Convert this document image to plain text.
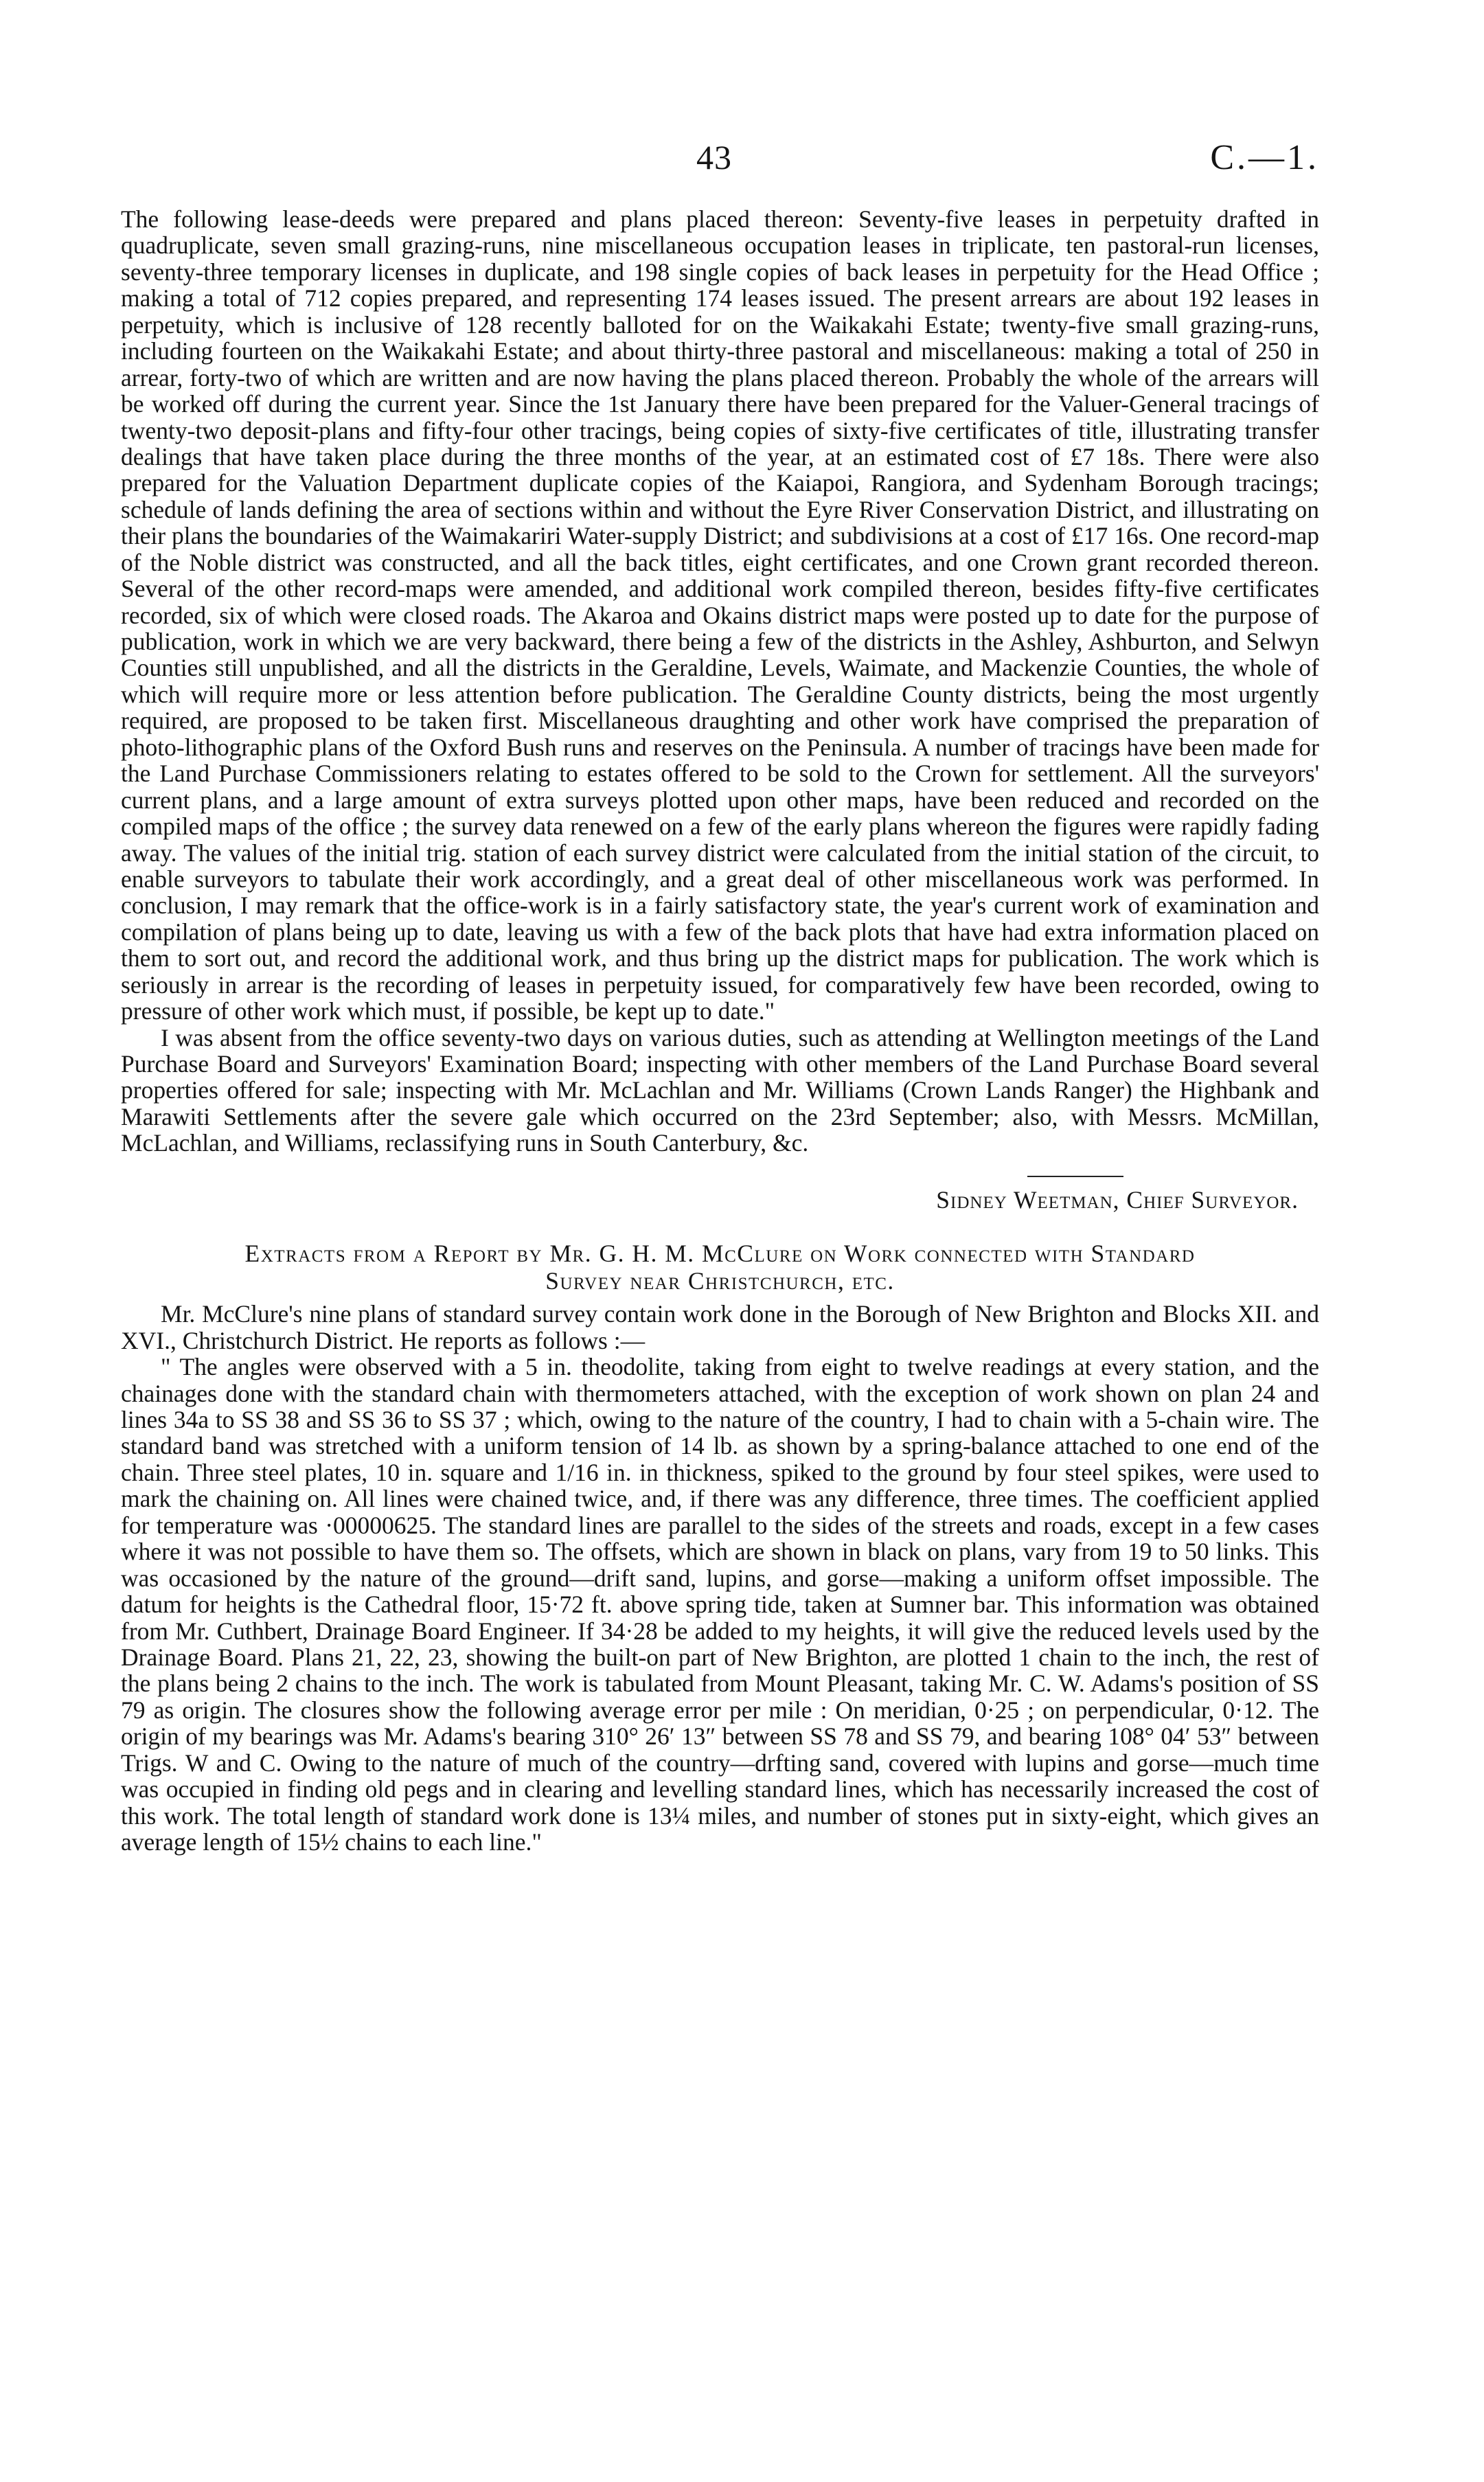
43	C.—1.

The following lease-deeds were prepared and plans placed thereon: Seventy-five leases in perpetuity drafted in quadruplicate, seven small grazing-runs, nine miscellaneous occupation leases in triplicate, ten pastoral-run licenses, seventy-three temporary licenses in duplicate, and 198 single copies of back leases in perpetuity for the Head Office ; making a total of 712 copies prepared, and representing 174 leases issued. The present arrears are about 192 leases in perpetuity, which is inclusive of 128 recently balloted for on the Waikakahi Estate; twenty-five small grazing-runs, including fourteen on the Waikakahi Estate; and about thirty-three pastoral and miscellaneous: making a total of 250 in arrear, forty-two of which are written and are now having the plans placed thereon. Probably the whole of the arrears will be worked off during the current year. Since the 1st January there have been prepared for the Valuer-General tracings of twenty-two deposit-plans and fifty-four other tracings, being copies of sixty-five certificates of title, illustrating transfer dealings that have taken place during the three months of the year, at an estimated cost of £7 18s. There were also prepared for the Valuation Department duplicate copies of the Kaiapoi, Rangiora, and Sydenham Borough tracings; schedule of lands defining the area of sections within and without the Eyre River Conservation District, and illustrating on their plans the boundaries of the Waimakariri Water-supply District; and subdivisions at a cost of £17 16s. One record-map of the Noble district was constructed, and all the back titles, eight certificates, and one Crown grant recorded thereon. Several of the other record-maps were amended, and additional work compiled thereon, besides fifty-five certificates recorded, six of which were closed roads. The Akaroa and Okains district maps were posted up to date for the purpose of publication, work in which we are very backward, there being a few of the districts in the Ashley, Ashburton, and Selwyn Counties still unpublished, and all the districts in the Geraldine, Levels, Waimate, and Mackenzie Counties, the whole of which will require more or less attention before publication. The Geraldine County districts, being the most urgently required, are proposed to be taken first. Miscellaneous draughting and other work have comprised the preparation of photo-lithographic plans of the Oxford Bush runs and reserves on the Peninsula. A number of tracings have been made for the Land Purchase Commissioners relating to estates offered to be sold to the Crown for settlement. All the surveyors' current plans, and a large amount of extra surveys plotted upon other maps, have been reduced and recorded on the compiled maps of the office ; the survey data renewed on a few of the early plans whereon the figures were rapidly fading away. The values of the initial trig. station of each survey district were calculated from the initial station of the circuit, to enable surveyors to tabulate their work accordingly, and a great deal of other miscellaneous work was performed. In conclusion, I may remark that the office-work is in a fairly satisfactory state, the year's current work of examination and compilation of plans being up to date, leaving us with a few of the back plots that have had extra information placed on them to sort out, and record the additional work, and thus bring up the district maps for publication. The work which is seriously in arrear is the recording of leases in perpetuity issued, for comparatively few have been recorded, owing to pressure of other work which must, if possible, be kept up to date."

I was absent from the office seventy-two days on various duties, such as attending at Wellington meetings of the Land Purchase Board and Surveyors' Examination Board; inspecting with other members of the Land Purchase Board several properties offered for sale; inspecting with Mr. McLachlan and Mr. Williams (Crown Lands Ranger) the Highbank and Marawiti Settlements after the severe gale which occurred on the 23rd September; also, with Messrs. McMillan, McLachlan, and Williams, reclassifying runs in South Canterbury, &c.

Sidney Weetman, Chief Surveyor.

Extracts from a Report by Mr. G. H. M. McClure on Work connected with Standard
Survey near Christchurch, etc.

Mr. McClure's nine plans of standard survey contain work done in the Borough of New Brighton and Blocks XII. and XVI., Christchurch District. He reports as follows :—

" The angles were observed with a 5 in. theodolite, taking from eight to twelve readings at every station, and the chainages done with the standard chain with thermometers attached, with the exception of work shown on plan 24 and lines 34a to SS 38 and SS 36 to SS 37 ; which, owing to the nature of the country, I had to chain with a 5-chain wire. The standard band was stretched with a uniform tension of 14 lb. as shown by a spring-balance attached to one end of the chain. Three steel plates, 10 in. square and 1/16 in. in thickness, spiked to the ground by four steel spikes, were used to mark the chaining on. All lines were chained twice, and, if there was any difference, three times. The coefficient applied for temperature was ·00000625. The standard lines are parallel to the sides of the streets and roads, except in a few cases where it was not possible to have them so. The offsets, which are shown in black on plans, vary from 19 to 50 links. This was occasioned by the nature of the ground—drift sand, lupins, and gorse—making a uniform offset impossible. The datum for heights is the Cathedral floor, 15·72 ft. above spring tide, taken at Sumner bar. This information was obtained from Mr. Cuthbert, Drainage Board Engineer. If 34·28 be added to my heights, it will give the reduced levels used by the Drainage Board. Plans 21, 22, 23, showing the built-on part of New Brighton, are plotted 1 chain to the inch, the rest of the plans being 2 chains to the inch. The work is tabulated from Mount Pleasant, taking Mr. C. W. Adams's position of SS 79 as origin. The closures show the following average error per mile : On meridian, 0·25 ; on perpendicular, 0·12. The origin of my bearings was Mr. Adams's bearing 310° 26′ 13″ between SS 78 and SS 79, and bearing 108° 04′ 53″ between Trigs. W and C. Owing to the nature of much of the country—drfting sand, covered with lupins and gorse—much time was occupied in finding old pegs and in clearing and levelling standard lines, which has necessarily increased the cost of this work. The total length of standard work done is 13¼ miles, and number of stones put in sixty-eight, which gives an average length of 15½ chains to each line."
